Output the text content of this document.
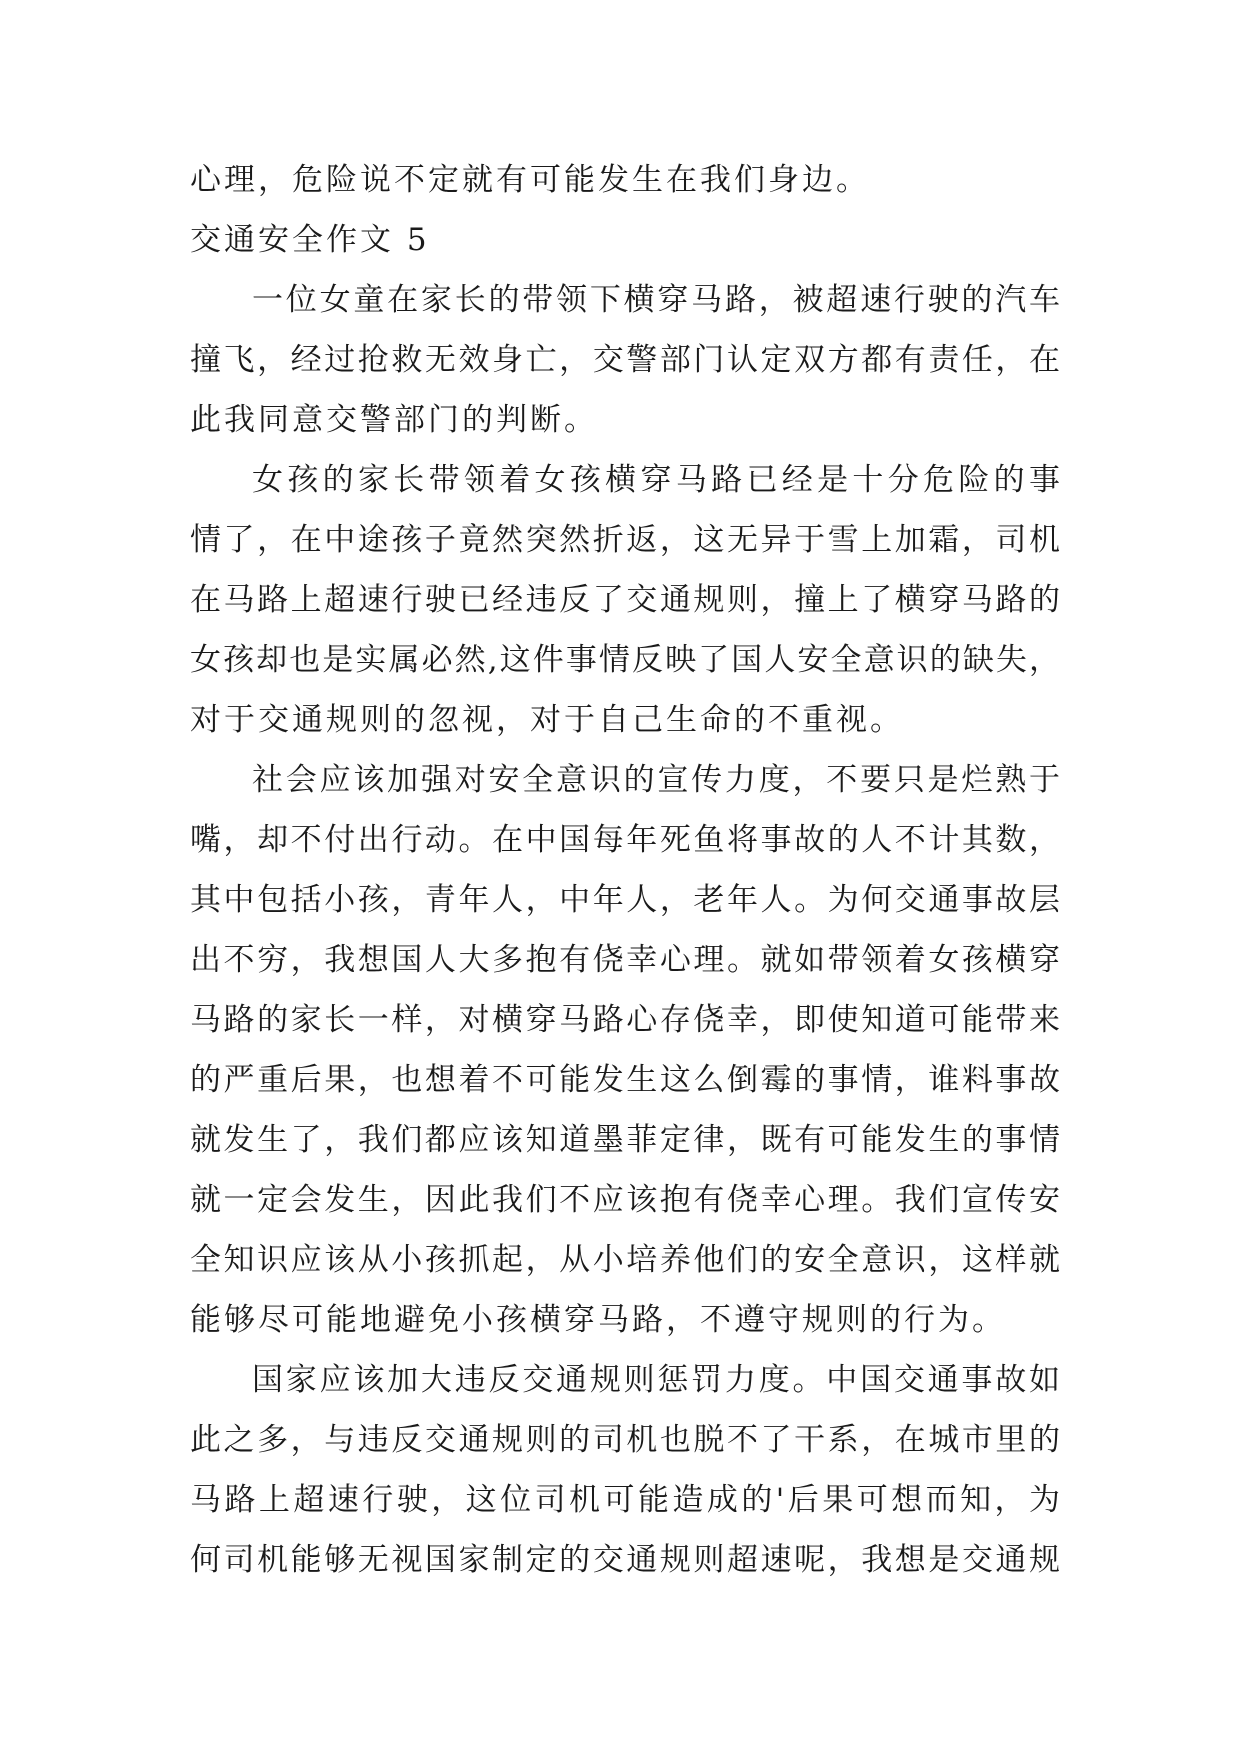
心理，危险说不定就有可能发生在我们身边。
交通安全作文 5
一位女童在家长的带领下横穿马路，被超速行驶的汽车
撞飞，经过抢救无效身亡，交警部门认定双方都有责任，在
此我同意交警部门的判断。
女孩的家长带领着女孩横穿马路已经是十分危险的事
情了，在中途孩子竟然突然折返，这无异于雪上加霜，司机
在马路上超速行驶已经违反了交通规则，撞上了横穿马路的
女孩却也是实属必然,这件事情反映了国人安全意识的缺失，
对于交通规则的忽视，对于自己生命的不重视。
社会应该加强对安全意识的宣传力度，不要只是烂熟于
嘴，却不付出行动。在中国每年死鱼将事故的人不计其数，
其中包括小孩，青年人，中年人，老年人。为何交通事故层
出不穷，我想国人大多抱有侥幸心理。就如带领着女孩横穿
马路的家长一样，对横穿马路心存侥幸，即使知道可能带来
的严重后果，也想着不可能发生这么倒霉的事情，谁料事故
就发生了，我们都应该知道墨菲定律，既有可能发生的事情
就一定会发生，因此我们不应该抱有侥幸心理。我们宣传安
全知识应该从小孩抓起，从小培养他们的安全意识，这样就
能够尽可能地避免小孩横穿马路，不遵守规则的行为。
国家应该加大违反交通规则惩罚力度。中国交通事故如
此之多，与违反交通规则的司机也脱不了干系，在城市里的
马路上超速行驶，这位司机可能造成的'后果可想而知，为
何司机能够无视国家制定的交通规则超速呢，我想是交通规
